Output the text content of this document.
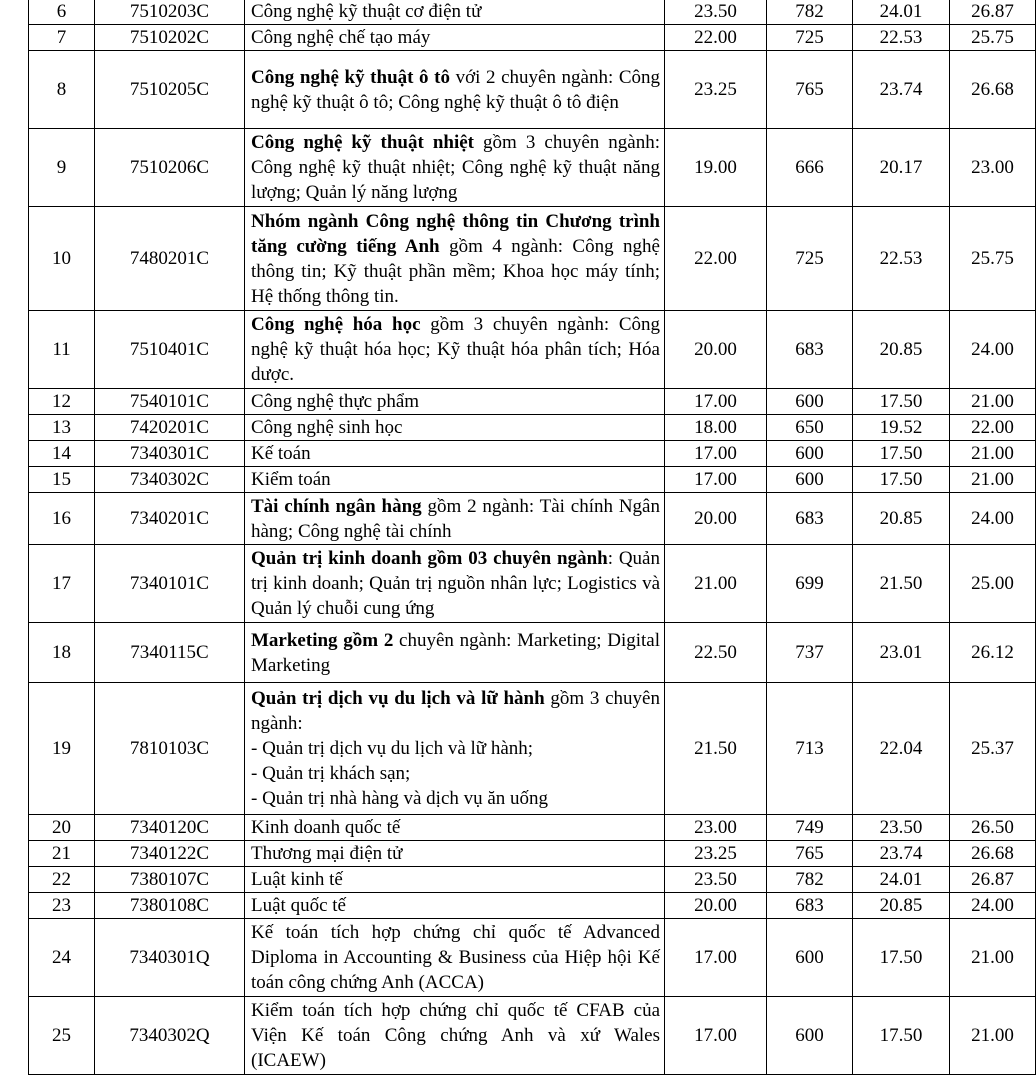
6	7510203C	Công nghệ kỹ thuật cơ điện tử	23.50	782	24.01	26.87
7	7510202C	Công nghệ chế tạo máy	22.00	725	22.53	25.75
8	7510205C	Công nghệ kỹ thuật ô tô với 2 chuyên ngành: Công nghệ kỹ thuật ô tô; Công nghệ kỹ thuật ô tô điện	23.25	765	23.74	26.68
9	7510206C	Công nghệ kỹ thuật nhiệt gồm 3 chuyên ngành: Công nghệ kỹ thuật nhiệt; Công nghệ kỹ thuật năng lượng; Quản lý năng lượng	19.00	666	20.17	23.00
10	7480201C	Nhóm ngành Công nghệ thông tin Chương trình tăng cường tiếng Anh gồm 4 ngành: Công nghệ thông tin; Kỹ thuật phần mềm; Khoa học máy tính; Hệ thống thông tin.	22.00	725	22.53	25.75
11	7510401C	Công nghệ hóa học gồm 3 chuyên ngành: Công nghệ kỹ thuật hóa học; Kỹ thuật hóa phân tích; Hóa dược.	20.00	683	20.85	24.00
12	7540101C	Công nghệ thực phẩm	17.00	600	17.50	21.00
13	7420201C	Công nghệ sinh học	18.00	650	19.52	22.00
14	7340301C	Kế toán	17.00	600	17.50	21.00
15	7340302C	Kiểm toán	17.00	600	17.50	21.00
16	7340201C	Tài chính ngân hàng gồm 2 ngành: Tài chính Ngân hàng; Công nghệ tài chính	20.00	683	20.85	24.00
17	7340101C	Quản trị kinh doanh gồm 03 chuyên ngành: Quản trị kinh doanh; Quản trị nguồn nhân lực; Logistics và Quản lý chuỗi cung ứng	21.00	699	21.50	25.00
18	7340115C	Marketing gồm 2 chuyên ngành: Marketing; Digital Marketing	22.50	737	23.01	26.12
19	7810103C	Quản trị dịch vụ du lịch và lữ hành gồm 3 chuyên ngành:
- Quản trị dịch vụ du lịch và lữ hành;
- Quản trị khách sạn;
- Quản trị nhà hàng và dịch vụ ăn uống	21.50	713	22.04	25.37
20	7340120C	Kinh doanh quốc tế	23.00	749	23.50	26.50
21	7340122C	Thương mại điện tử	23.25	765	23.74	26.68
22	7380107C	Luật kinh tế	23.50	782	24.01	26.87
23	7380108C	Luật quốc tế	20.00	683	20.85	24.00
24	7340301Q	Kế toán tích hợp chứng chỉ quốc tế Advanced Diploma in Accounting & Business của Hiệp hội Kế toán công chứng Anh (ACCA)	17.00	600	17.50	21.00
25	7340302Q	Kiểm toán tích hợp chứng chỉ quốc tế CFAB của Viện Kế toán Công chứng Anh và xứ Wales (ICAEW)	17.00	600	17.50	21.00
